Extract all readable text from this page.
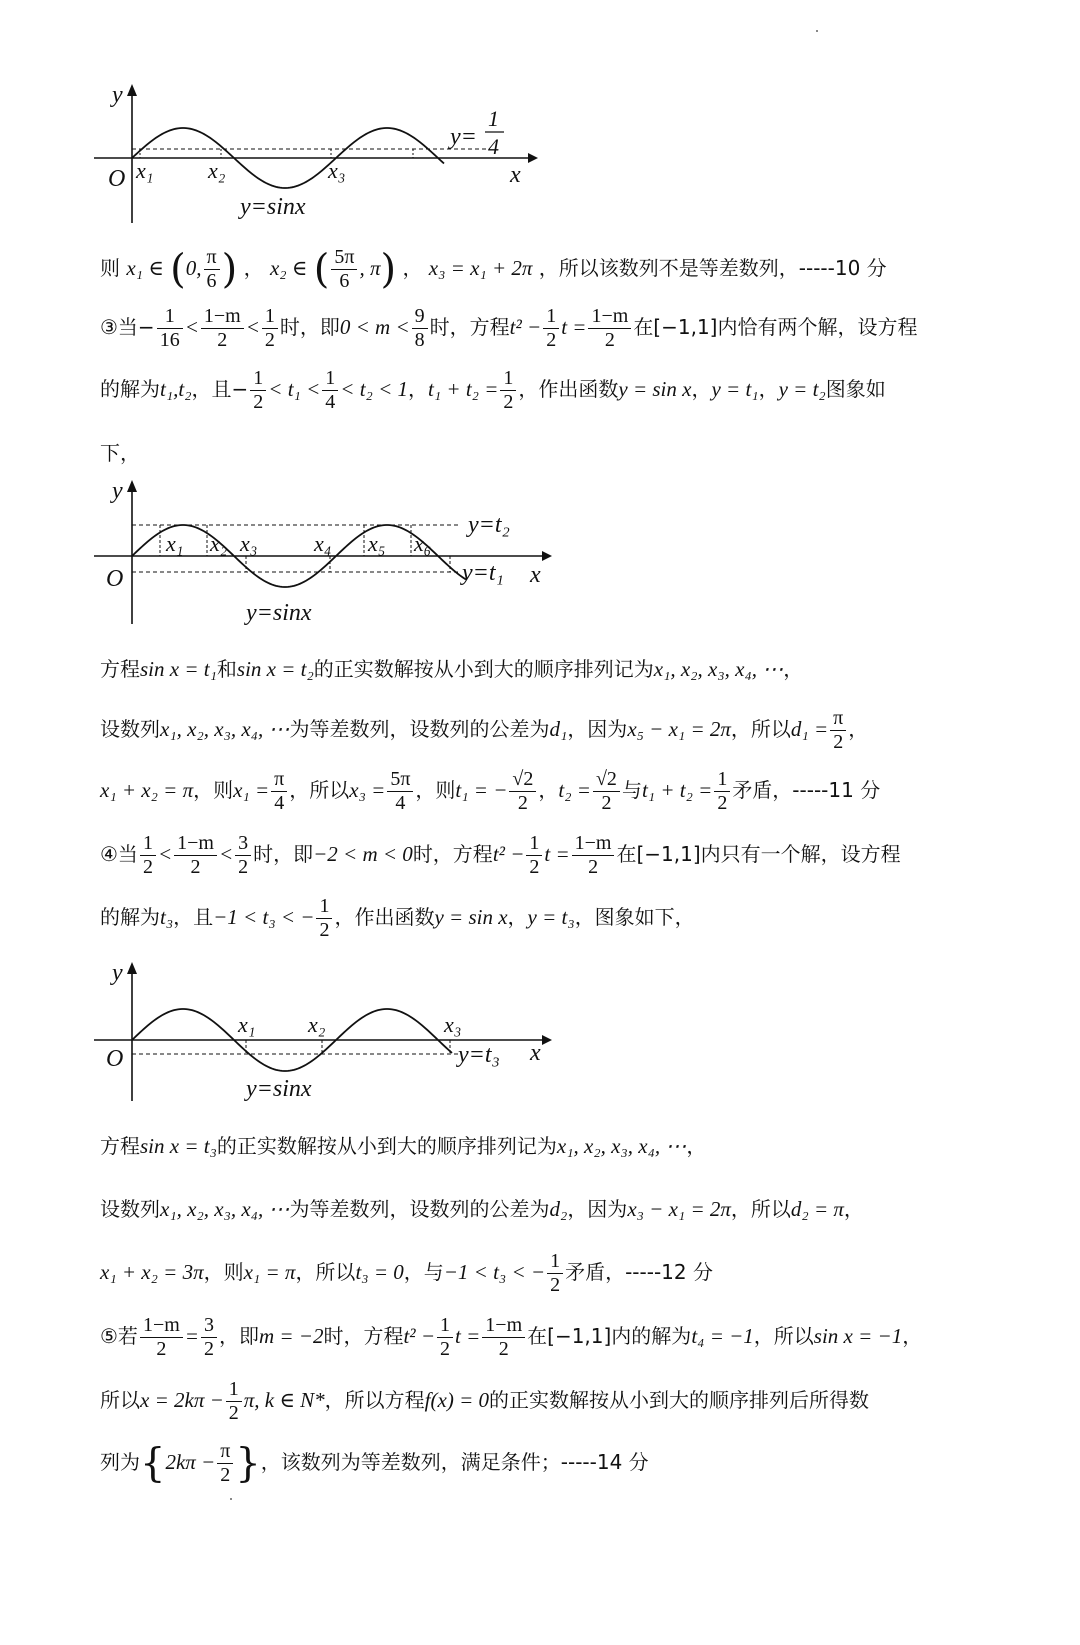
y
O	x
x₁ x₂	x₃
y=
1
4
y=sinx
则 x₁ ∈ (0, $\frac{\pi}{6}$ ) ， x₂ ∈ ( $\frac{5\pi}{6}$ , π) ， x₃ = x₁ + 2π ，所以该数列不是等差数列，-----10 分
③当− $\frac{1}{16} < \frac{1-m}{2} < \frac{1}{2}$ 时，即$0 < m < \frac{9}{8}$ 时，方程$t^2 - \frac{1}{2}$ $t = \frac{1-m}{2}$ 在[−1,1]内恰有两个解，设方程
的解为t₁,t₂，且− $\frac{1}{2} < t_1 < \frac{1}{4} < t_2 < 1$，$t_1 + t_2 = \frac{1}{2}$ ，作出函数y = sin x，y = t₁，y = t₂图象如
下，
y
O	x
x₁ x₂ x₃	x₄ x₅ x₆
y=t₂
y=t₁
y=sinx
方程sin x = t₁和sin x = t₂的正实数解按从小到大的顺序排列记为x₁, x₂, x₃, x₄, ⋯，
设数列x₁, x₂, x₃, x₄, ⋯为等差数列，设数列的公差为d₁，因为x₅ − x₁ = 2π，所以$d_1 = \frac{\pi}{2}$ ，
x₁ + x₂ = π，则$x_1 = \frac{\pi}{4}$ ，所以$x_3 = \frac{5\pi}{4}$ ，则t₁ = − $\frac{√2}{2}$ ，$t_2 = \frac{√2}{2}$ 与$t_1 + t_2 = \frac{1}{2}$ 矛盾，-----11 分
④当 $\frac{1}{2} < \frac{1-m}{2} < \frac{3}{2}$ 时，即−2 < m < 0时，方程$t^2 - \frac{1}{2}$ $t = \frac{1-m}{2}$ 在[−1,1]内只有一个解，设方程
的解为t₃，且−1 < t₃ < − $\frac{1}{2}$ ，作出函数y = sin x，y = t₃，图象如下，
y
O	x
x₁ x₂	x₃
y=t₃
y=sinx
方程sin x = t₃的正实数解按从小到大的顺序排列记为x₁, x₂, x₃, x₄, ⋯，
设数列x₁, x₂, x₃, x₄, ⋯为等差数列，设数列的公差为d₂，因为x₃ − x₁ = 2π，所以d₂ = π，
x₁ + x₂ = 3π，则x₁ = π，所以t₃ = 0，与−1 < t₃ < − $\frac{1}{2}$ 矛盾，-----12 分
⑤若 $\frac{1-m}{2} = \frac{3}{2}$ ，即m = −2时，方程$t^2 - \frac{1}{2}$ $t = \frac{1-m}{2}$ 在[−1,1]内的解为t₄ = −1，所以sin x = −1，
所以$x = 2k\pi - \frac{1}{2} \pi$, k ∈ N*，所以方程f(x) = 0的正实数解按从小到大的顺序排列后所得数
列为{$2k\pi - \frac{\pi}{2}$ }，该数列为等差数列，满足条件；-----14 分
